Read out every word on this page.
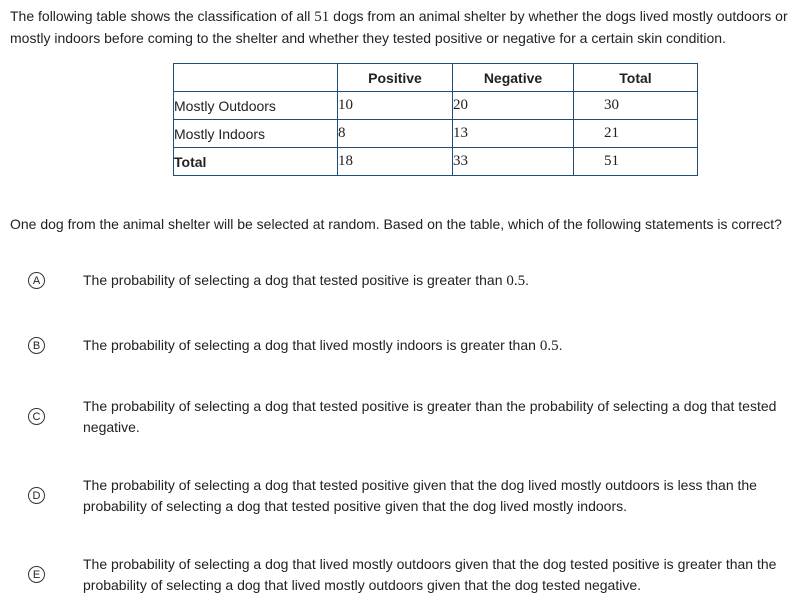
The following table shows the classification of all 51 dogs from an animal shelter by whether the dogs lived mostly outdoors or mostly indoors before coming to the shelter and whether they tested positive or negative for a certain skin condition.
	Positive	Negative	Total
Mostly Outdoors	10	20	30
Mostly Indoors	8	13	21
Total	18	33	51
One dog from the animal shelter will be selected at random. Based on the table, which of the following statements is correct?
A	The probability of selecting a dog that tested positive is greater than 0.5.
B	The probability of selecting a dog that lived mostly indoors is greater than 0.5.
C
The probability of selecting a dog that tested positive is greater than the probability of selecting a dog that tested negative.
D
The probability of selecting a dog that tested positive given that the dog lived mostly outdoors is less than the probability of selecting a dog that tested positive given that the dog lived mostly indoors.
E
The probability of selecting a dog that lived mostly outdoors given that the dog tested positive is greater than the probability of selecting a dog that lived mostly outdoors given that the dog tested negative.
